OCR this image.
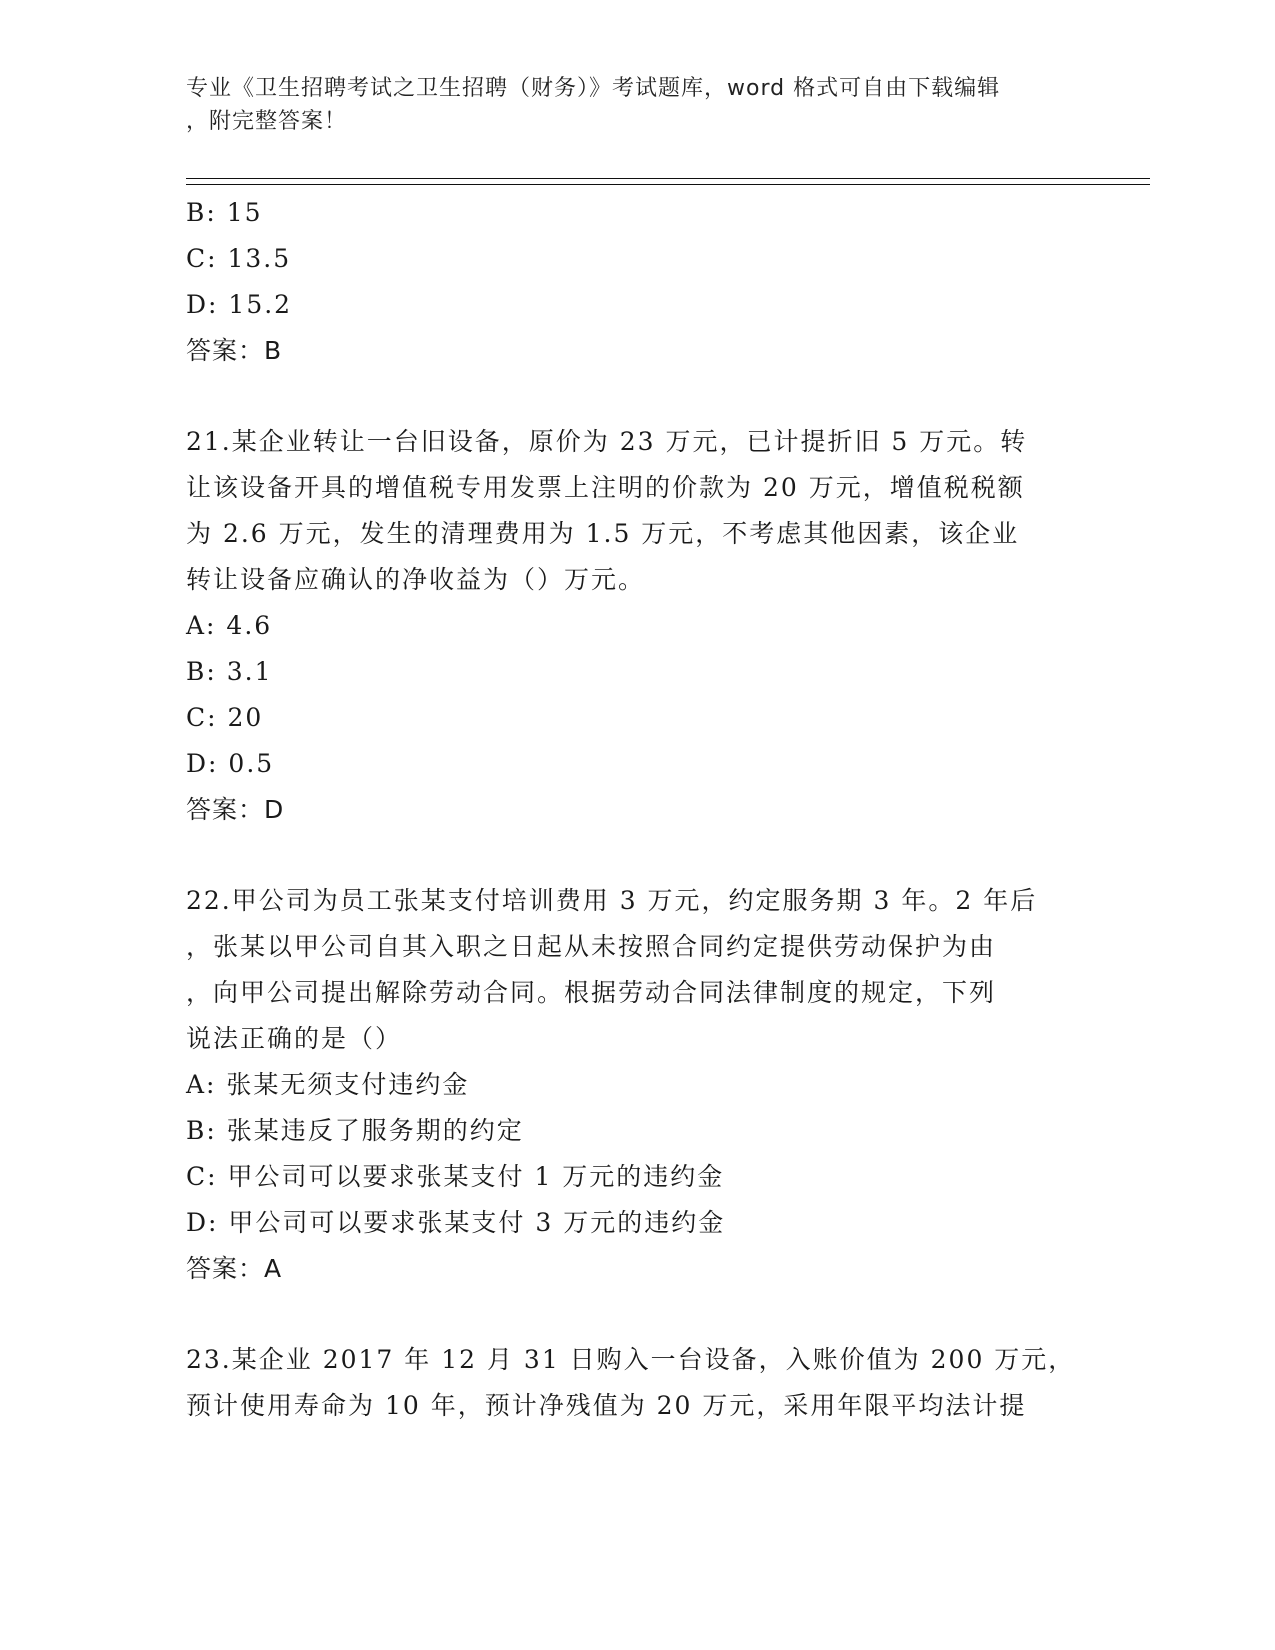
专业《卫生招聘考试之卫生招聘（财务）》考试题库，word 格式可自由下载编辑
，附完整答案！
B: 15
C: 13.5
D: 15.2
答案：B
21.某企业转让一台旧设备，原价为 23 万元，已计提折旧 5 万元。转
让该设备开具的增值税专用发票上注明的价款为 20 万元，增值税税额
为 2.6 万元，发生的清理费用为 1.5 万元，不考虑其他因素，该企业
转让设备应确认的净收益为（）万元。
A: 4.6
B: 3.1
C: 20
D: 0.5
答案：D
22.甲公司为员工张某支付培训费用 3 万元，约定服务期 3 年。2 年后
，张某以甲公司自其入职之日起从未按照合同约定提供劳动保护为由
，向甲公司提出解除劳动合同。根据劳动合同法律制度的规定，下列
说法正确的是（）
A: 张某无须支付违约金
B: 张某违反了服务期的约定
C: 甲公司可以要求张某支付 1 万元的违约金
D: 甲公司可以要求张某支付 3 万元的违约金
答案：A
23.某企业 2017 年 12 月 31 日购入一台设备，入账价值为 200 万元，
预计使用寿命为 10 年，预计净残值为 20 万元，采用年限平均法计提
